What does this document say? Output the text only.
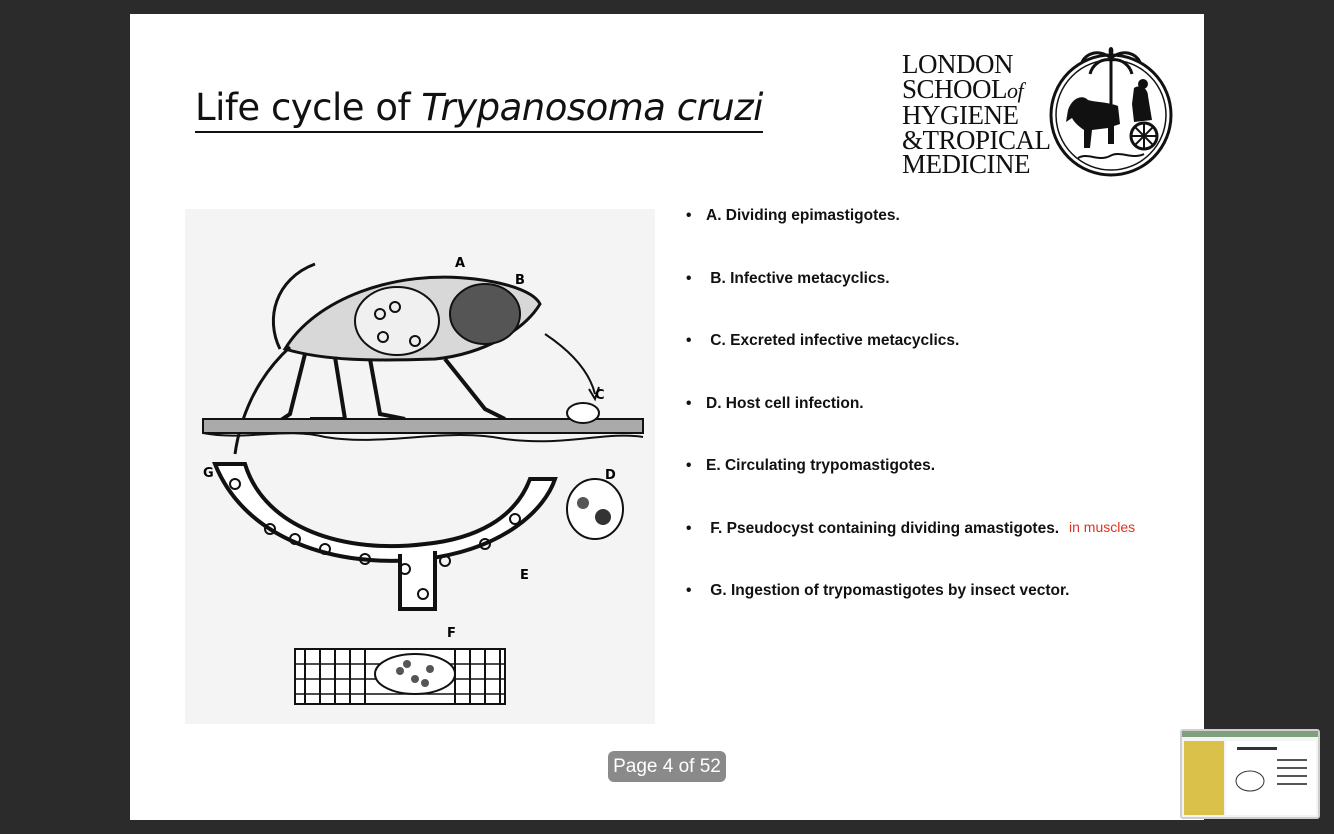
Life cycle of Trypanosoma cruzi
LONDON
SCHOOLof
HYGIENE
&TROPICAL
MEDICINE
A
B
C
D
E
F
G
• A. Dividing epimastigotes.
• B. Infective metacyclics.
• C. Excreted infective metacyclics.
• D. Host cell infection.
• E. Circulating trypomastigotes.
• F. Pseudocyst containing dividing amastigotes.
• G. Ingestion of trypomastigotes by insect vector.
in muscles
Page 4 of 52
